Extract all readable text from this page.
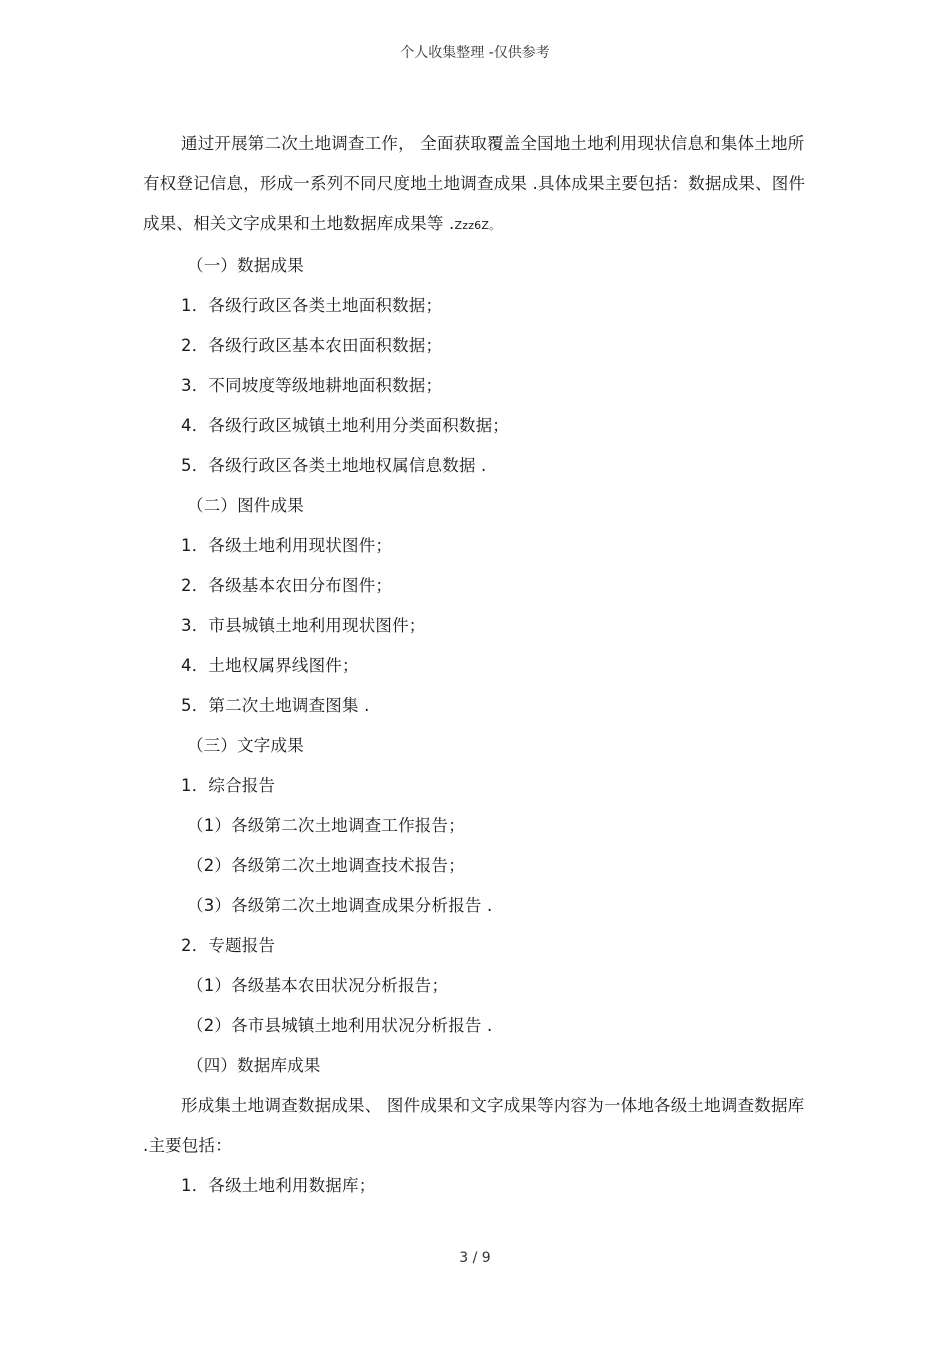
个人收集整理 -仅供参考

通过开展第二次土地调查工作， 全面获取覆盖全国地土地利用现状信息和集体土地所有权登记信息，形成一系列不同尺度地土地调查成果 .具体成果主要包括：数据成果、图件成果、相关文字成果和土地数据库成果等 .Zzz6Z。

（一）数据成果

1．各级行政区各类土地面积数据；

2．各级行政区基本农田面积数据；

3．不同坡度等级地耕地面积数据；

4．各级行政区城镇土地利用分类面积数据；

5．各级行政区各类土地地权属信息数据 .

（二）图件成果

1．各级土地利用现状图件；

2．各级基本农田分布图件；

3．市县城镇土地利用现状图件；

4．土地权属界线图件；

5．第二次土地调查图集 .

（三）文字成果

1．综合报告

（1）各级第二次土地调查工作报告；

（2）各级第二次土地调查技术报告；

（3）各级第二次土地调查成果分析报告 .

2．专题报告

（1）各级基本农田状况分析报告；

（2）各市县城镇土地利用状况分析报告 .

（四）数据库成果

形成集土地调查数据成果、 图件成果和文字成果等内容为一体地各级土地调查数据库 .主要包括：

1．各级土地利用数据库；

3 / 9
